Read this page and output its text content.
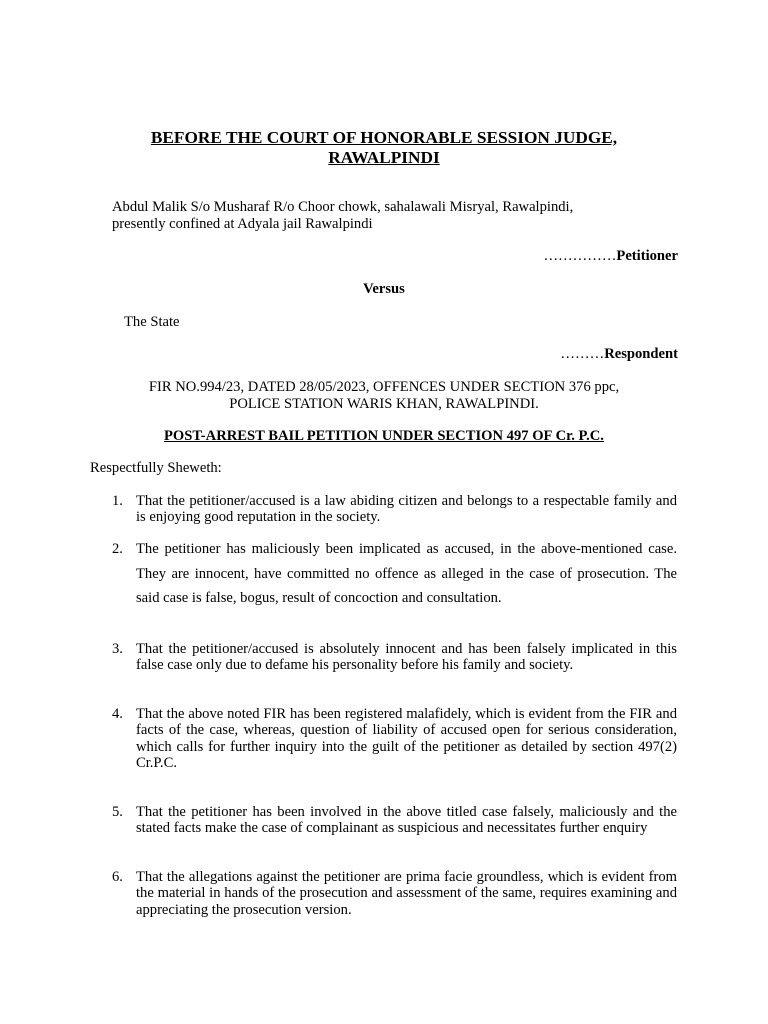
BEFORE THE COURT OF HONORABLE SESSION JUDGE,
RAWALPINDI
Abdul Malik S/o Musharaf R/o Choor chowk, sahalawali Misryal, Rawalpindi,
presently confined at Adyala jail Rawalpindi
……………Petitioner
Versus
The State
………Respondent
FIR NO.994/23, DATED 28/05/2023, OFFENCES UNDER SECTION 376 ppc,
POLICE STATION WARIS KHAN, RAWALPINDI.
POST-ARREST BAIL PETITION UNDER SECTION 497 OF Cr. P.C.
Respectfully Sheweth:
1. That the petitioner/accused is a law abiding citizen and belongs to a respectable family and is enjoying good reputation in the society.
2. The petitioner has maliciously been implicated as accused, in the above-mentioned case. They are innocent, have committed no offence as alleged in the case of prosecution. The said case is false, bogus, result of concoction and consultation.
3. That the petitioner/accused is absolutely innocent and has been falsely implicated in this false case only due to defame his personality before his family and society.
4. That the above noted FIR has been registered malafidely, which is evident from the FIR and facts of the case, whereas, question of liability of accused open for serious consideration, which calls for further inquiry into the guilt of the petitioner as detailed by section 497(2) Cr.P.C.
5. That the petitioner has been involved in the above titled case falsely, maliciously and the stated facts make the case of complainant as suspicious and necessitates further enquiry
6. That the allegations against the petitioner are prima facie groundless, which is evident from the material in hands of the prosecution and assessment of the same, requires examining and appreciating the prosecution version.
